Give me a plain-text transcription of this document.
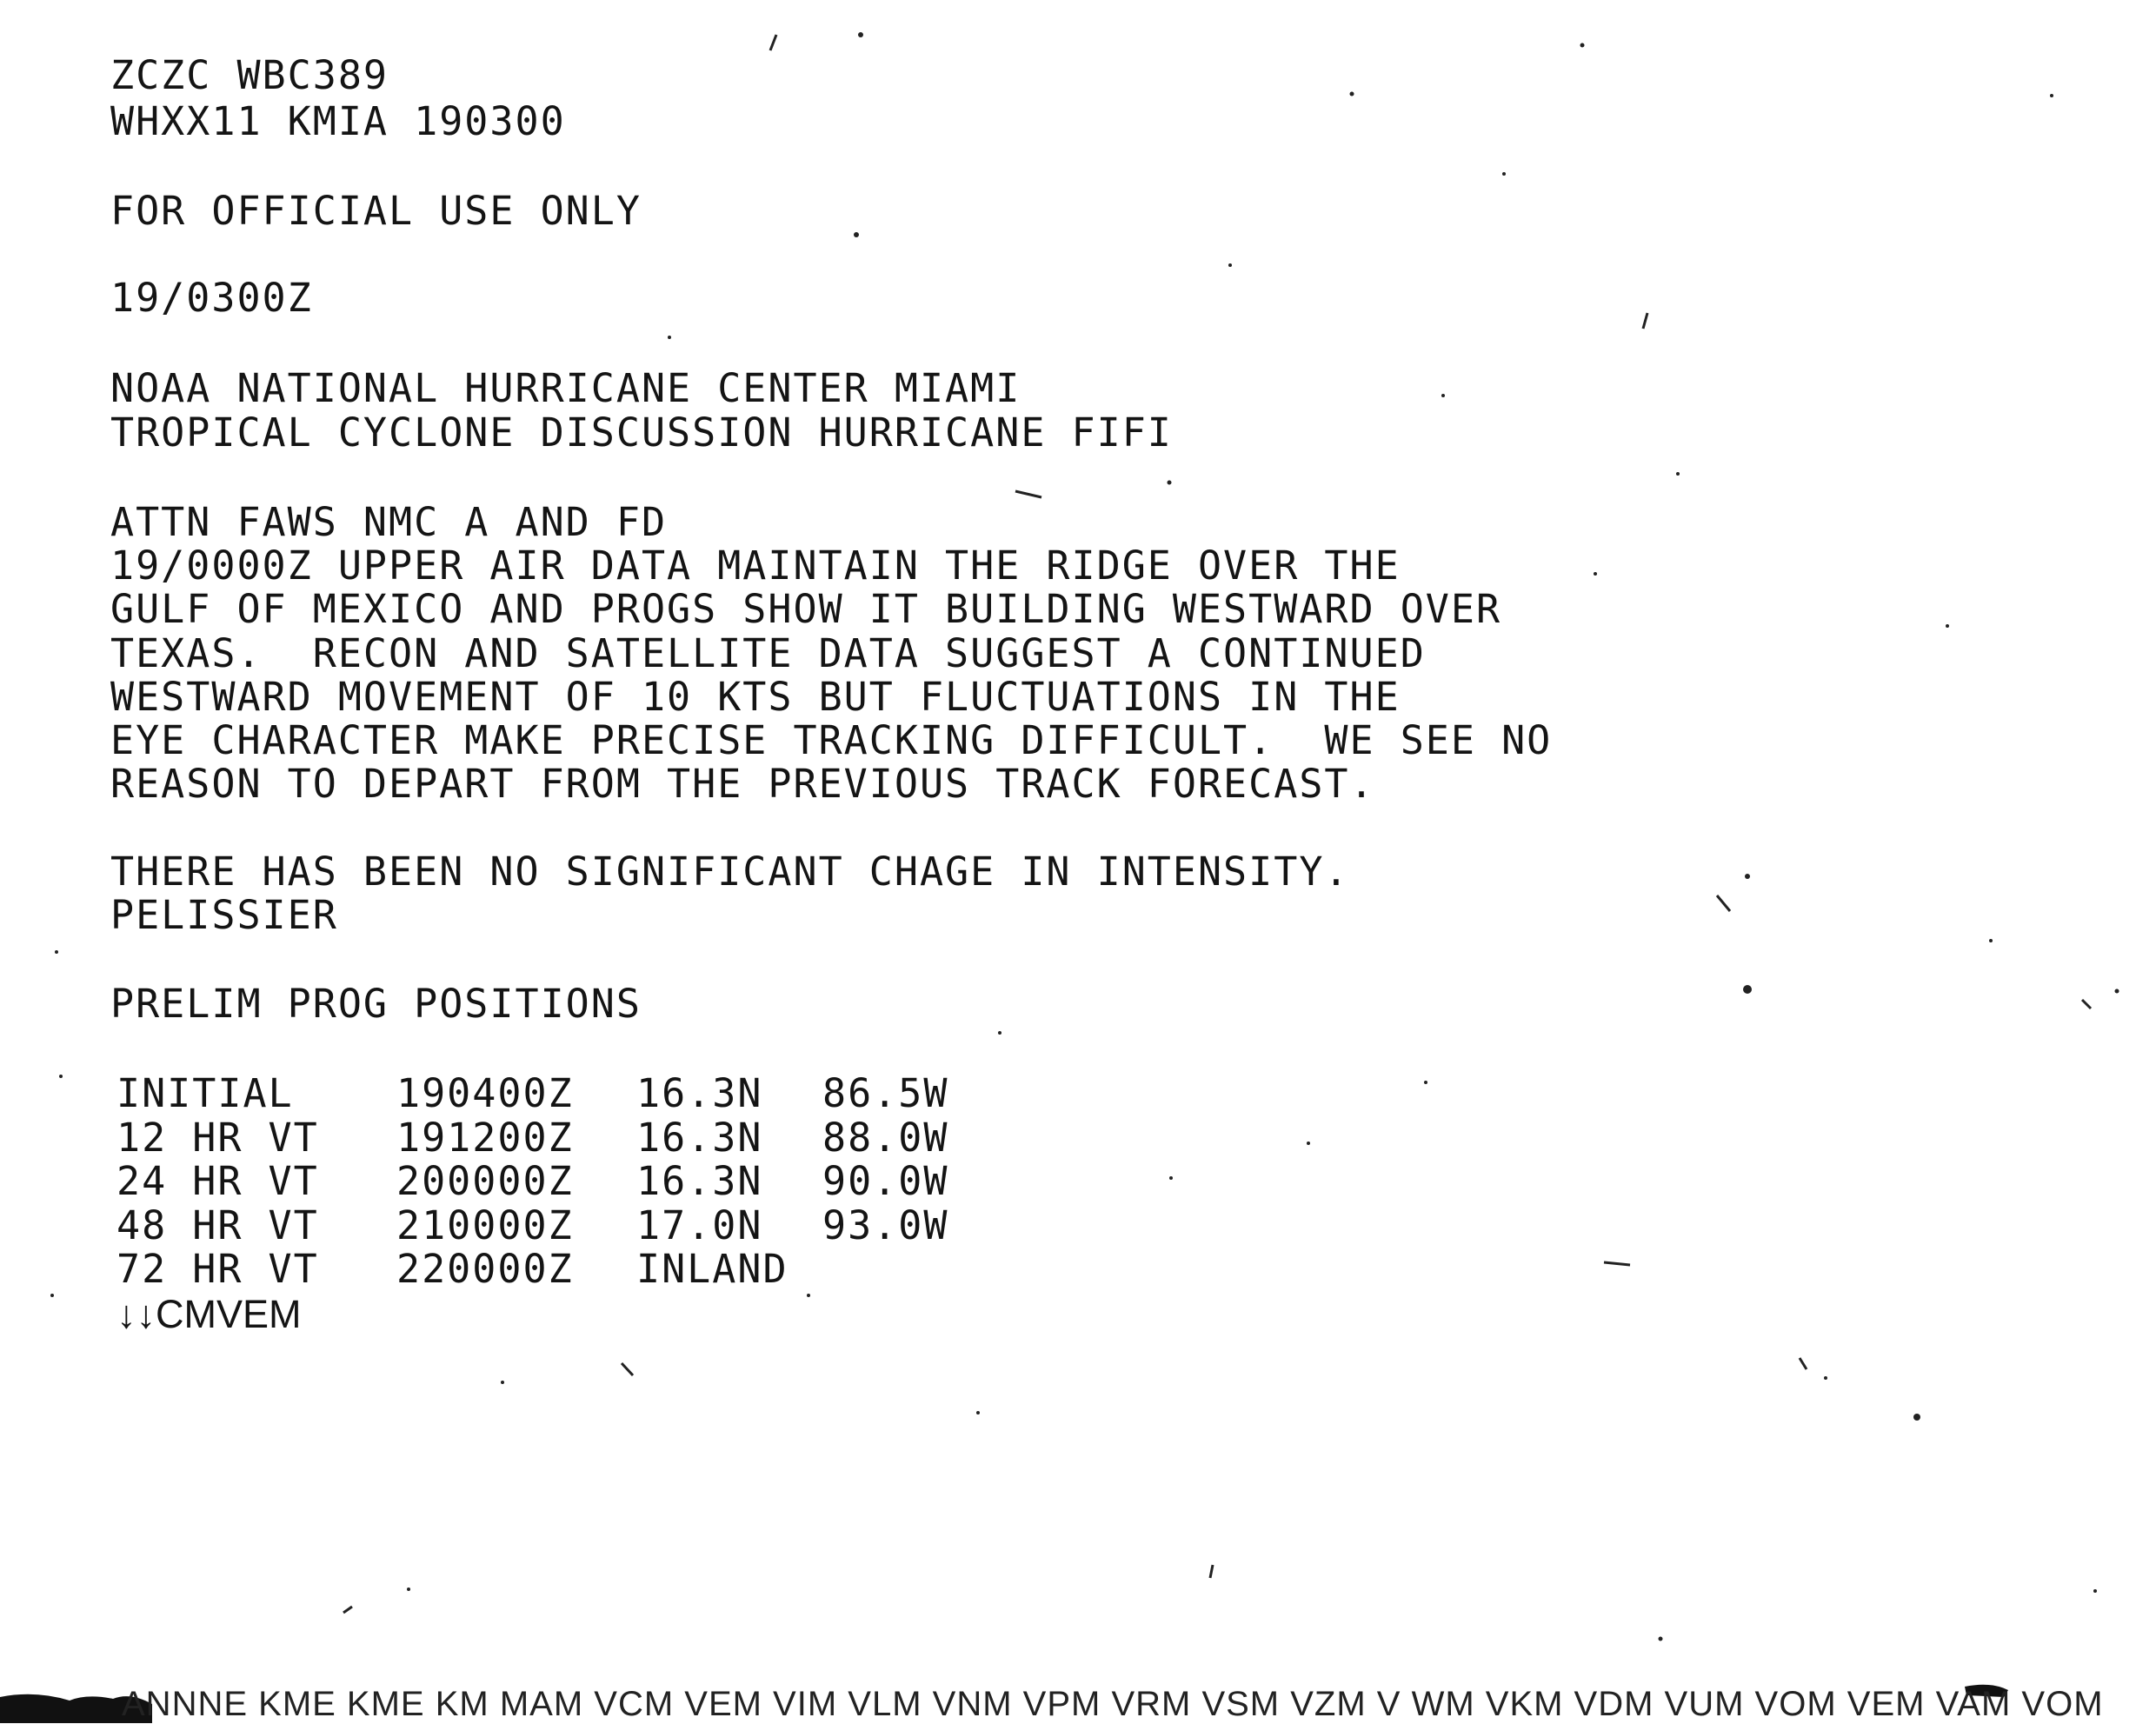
ZCZC WBC389
WHXX11 KMIA 190300
FOR OFFICIAL USE ONLY
19/0300Z
NOAA NATIONAL HURRICANE CENTER MIAMI
TROPICAL CYCLONE DISCUSSION HURRICANE FIFI
ATTN FAWS NMC A AND FD
19/0000Z UPPER AIR DATA MAINTAIN THE RIDGE OVER THE
GULF OF MEXICO AND PROGS SHOW IT BUILDING WESTWARD OVER
TEXAS.  RECON AND SATELLITE DATA SUGGEST A CONTINUED
WESTWARD MOVEMENT OF 10 KTS BUT FLUCTUATIONS IN THE
EYE CHARACTER MAKE PRECISE TRACKING DIFFICULT.  WE SEE NO
REASON TO DEPART FROM THE PREVIOUS TRACK FORECAST.
THERE HAS BEEN NO SIGNIFICANT CHAGE IN INTENSITY.
PELISSIER
PRELIM PROG POSITIONS

INITIAL

	190400Z

16.3N

86.5W

12 HR VT

191200Z

16.3N

88.0W

24 HR VT

200000Z

16.3N

90.0W

48 HR VT

210000Z

17.0N

93.0W

72 HR VT

220000Z

INLAND

↓↓CMVEM
ANNNE KME KME KM MAM VCM VEM VIM VLM VNM VPM VRM VSM VZM V WM VKM VDM VUM VOM VEM VAM VOM
